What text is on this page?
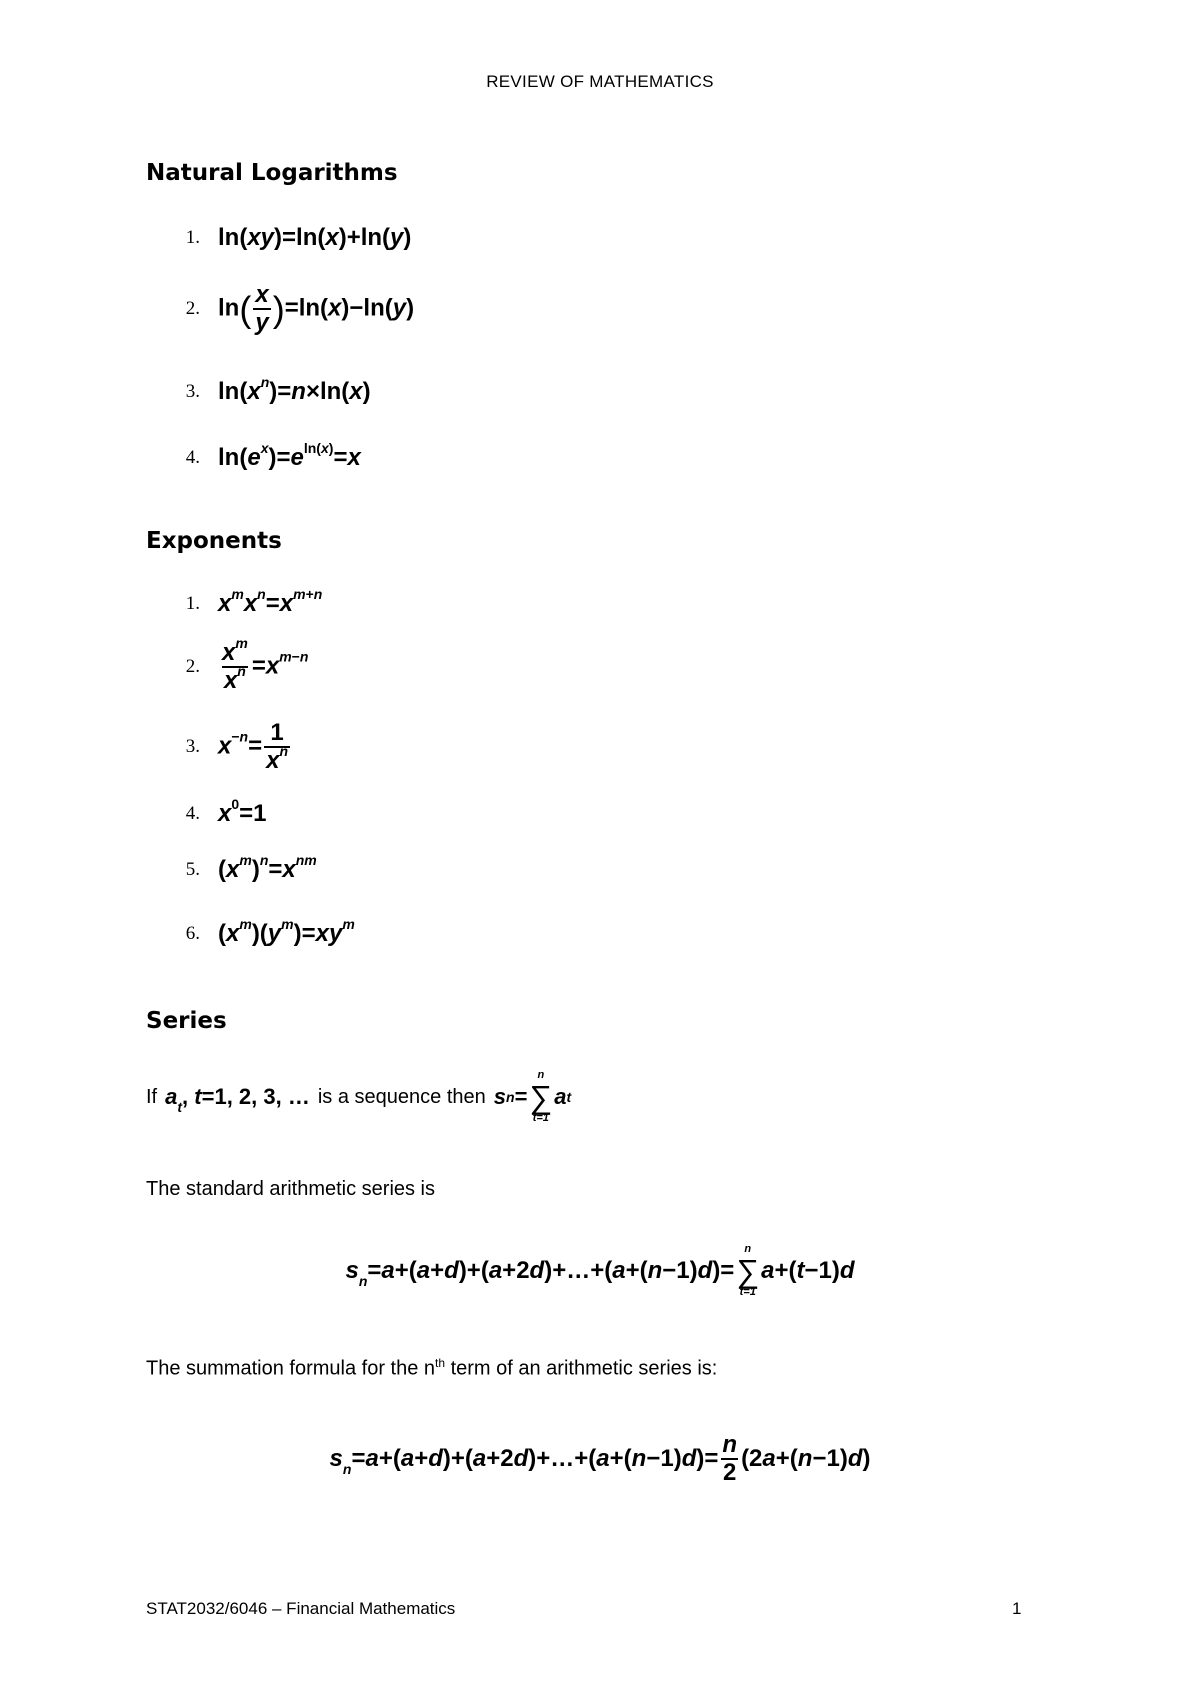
REVIEW OF MATHEMATICS
Natural Logarithms
1. ln(xy)=ln(x)+ln(y)
2. $\ln( \frac{x}{y} )=\ln(x)-\ln(y)$
3. $\ln(x^n)=n\times\ln(x)$
4. $\ln(e^x)=e^{ln(x)}=x$
Exponents
1. $x^mx^n=x^{m+n}$
2. $\frac{x^m}{x^n} =x^{m-n}$
3. $x^{-n}= \frac{1}{x^n}$
4. $x^0=1$
5. $(x^m)^n=x^{nm}$
6. $(x^m)(y^m)=xy^m$
Series
If $a_t$, t=1, 2, 3, … is a sequence then s n =
n
∑
t=1
a t
The standard arithmetic series is
$s_n=a+(a+d)+(a+2d)+\dots+(a+(n-1)d)=$
n
∑
t=1
a+(t−1)d
The summation formula for the $n^{th}$ term of an arithmetic series is:
$s_n=a+(a+d)+(a+2d)+\dots+(a+(n-1)d)= \frac{n}{2} (2a+(n-1)d)$
STAT2032/6046 – Financial Mathematics	1
